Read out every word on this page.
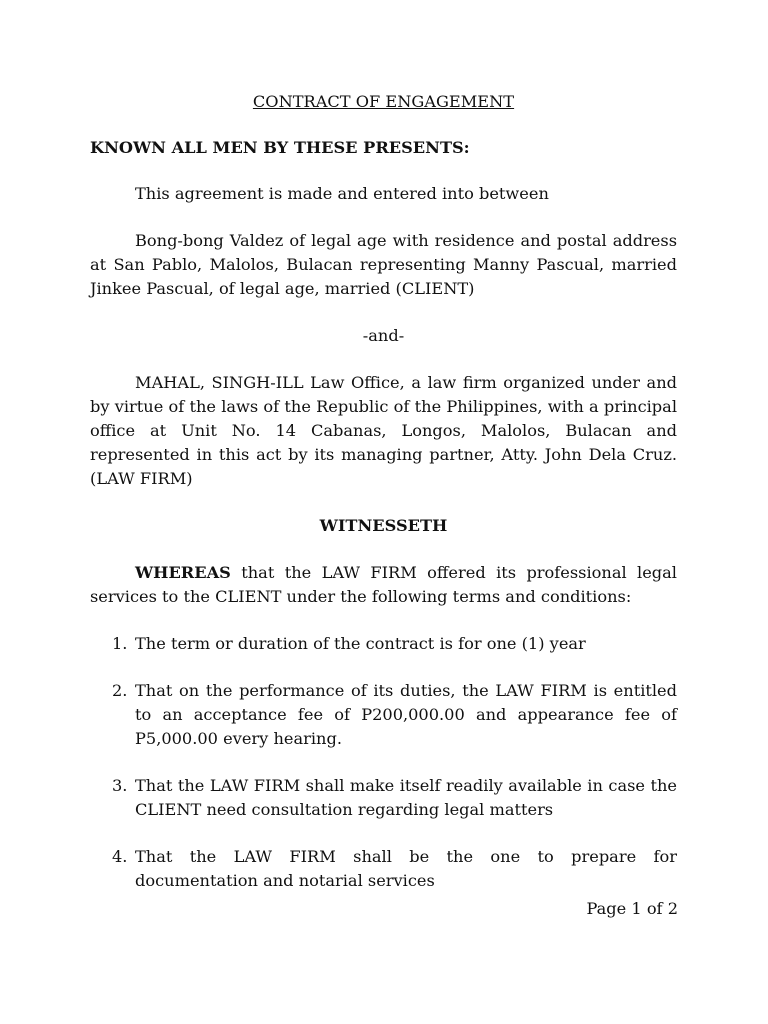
CONTRACT OF ENGAGEMENT

KNOWN ALL MEN BY THESE PRESENTS:

This agreement is made and entered into between

Bong-bong Valdez of legal age with residence and postal address at San Pablo, Malolos, Bulacan representing Manny Pascual, married Jinkee Pascual, of legal age, married (CLIENT)

-and-

MAHAL, SINGH-ILL Law Office, a law firm organized under and by virtue of the laws of the Republic of the Philippines, with a principal office at Unit No. 14 Cabanas, Longos, Malolos, Bulacan and represented in this act by its managing partner, Atty. John Dela Cruz. (LAW FIRM)

WITNESSETH

WHEREAS that the LAW FIRM offered its professional legal services to the CLIENT under the following terms and conditions:

1. The term or duration of the contract is for one (1) year
2. That on the performance of its duties, the LAW FIRM is entitled to an acceptance fee of P200,000.00 and appearance fee of P5,000.00 every hearing.
3. That the LAW FIRM shall make itself readily available in case the CLIENT need consultation regarding legal matters
4. That the LAW FIRM shall be the one to prepare for documentation and notarial services
Page 1 of 2
